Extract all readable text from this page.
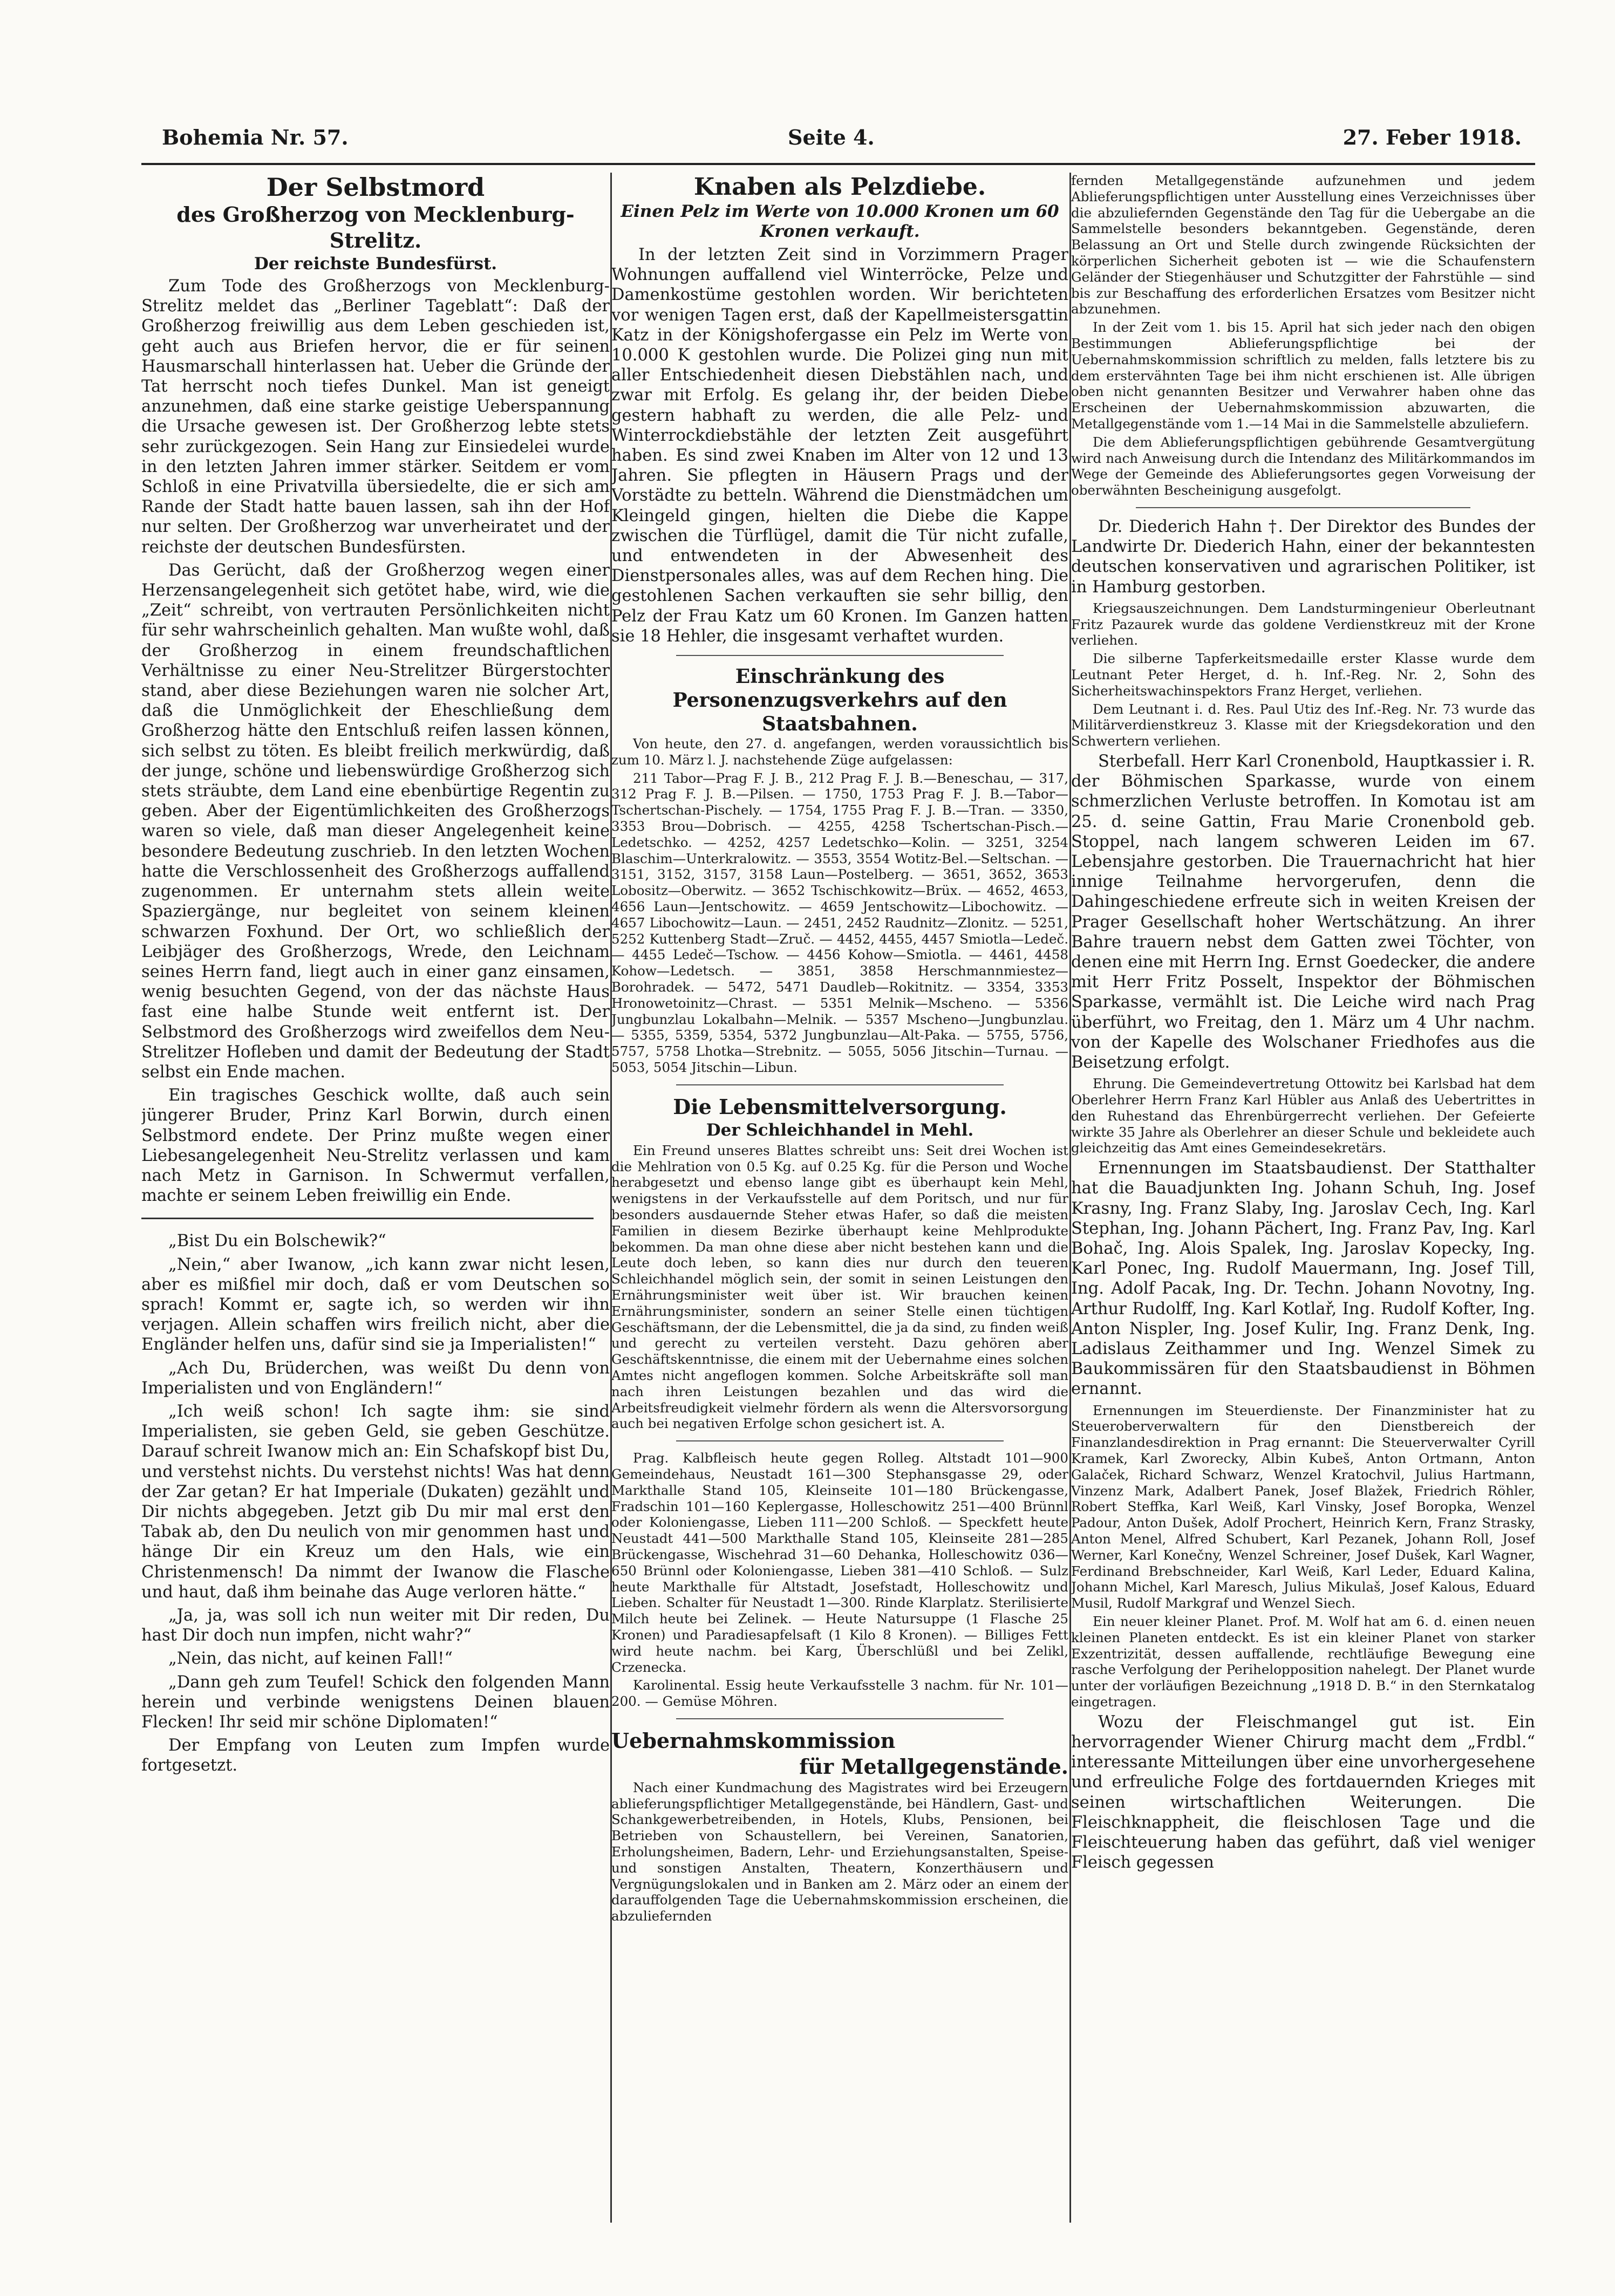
Bohemia Nr. 57.	Seite 4.	27. Feber 1918.
Der Selbstmord
des Großherzog von Mecklenburg-Strelitz.
Der reichste Bundesfürst.

Zum Tode des Großherzogs von Mecklenburg-Strelitz meldet das „Berliner Tageblatt“: Daß der Großherzog freiwillig aus dem Leben geschieden ist, geht auch aus Briefen hervor, die er für seinen Hausmarschall hinterlassen hat. Ueber die Gründe der Tat herrscht noch tiefes Dunkel. Man ist geneigt anzunehmen, daß eine starke geistige Ueberspannung die Ursache gewesen ist. Der Großherzog lebte stets sehr zurückgezogen. Sein Hang zur Einsiedelei wurde in den letzten Jahren immer stärker. Seitdem er vom Schloß in eine Privatvilla übersiedelte, die er sich am Rande der Stadt hatte bauen lassen, sah ihn der Hof nur selten. Der Großherzog war unverheiratet und der reichste der deutschen Bundesfürsten.

Das Gerücht, daß der Großherzog wegen einer Herzensangelegenheit sich getötet habe, wird, wie die „Zeit“ schreibt, von vertrauten Persönlichkeiten nicht für sehr wahrscheinlich gehalten. Man wußte wohl, daß der Großherzog in einem freundschaftlichen Verhältnisse zu einer Neu-Strelitzer Bürgerstochter stand, aber diese Beziehungen waren nie solcher Art, daß die Unmöglichkeit der Eheschließung dem Großherzog hätte den Entschluß reifen lassen können, sich selbst zu töten. Es bleibt freilich merkwürdig, daß der junge, schöne und liebenswürdige Großherzog sich stets sträubte, dem Land eine ebenbürtige Regentin zu geben. Aber der Eigentümlichkeiten des Großherzogs waren so viele, daß man dieser Angelegenheit keine besondere Bedeutung zuschrieb. In den letzten Wochen hatte die Verschlossenheit des Großherzogs auffallend zugenommen. Er unternahm stets allein weite Spaziergänge, nur begleitet von seinem kleinen schwarzen Foxhund. Der Ort, wo schließlich der Leibjäger des Großherzogs, Wrede, den Leichnam seines Herrn fand, liegt auch in einer ganz einsamen, wenig besuchten Gegend, von der das nächste Haus fast eine halbe Stunde weit entfernt ist. Der Selbstmord des Großherzogs wird zweifellos dem Neu-Strelitzer Hofleben und damit der Bedeutung der Stadt selbst ein Ende machen.

Ein tragisches Geschick wollte, daß auch sein jüngerer Bruder, Prinz Karl Borwin, durch einen Selbstmord endete. Der Prinz mußte wegen einer Liebesangelegenheit Neu-Strelitz verlassen und kam nach Metz in Garnison. In Schwermut verfallen, machte er seinem Leben freiwillig ein Ende.

„Bist Du ein Bolschewik?“

„Nein,“ aber Iwanow, „ich kann zwar nicht lesen, aber es mißfiel mir doch, daß er vom Deutschen so sprach! Kommt er, sagte ich, so werden wir ihn verjagen. Allein schaffen wirs freilich nicht, aber die Engländer helfen uns, dafür sind sie ja Imperialisten!“

„Ach Du, Brüderchen, was weißt Du denn von Imperialisten und von Engländern!“

„Ich weiß schon! Ich sagte ihm: sie sind Imperialisten, sie geben Geld, sie geben Geschütze. Darauf schreit Iwanow mich an: Ein Schafskopf bist Du, und verstehst nichts. Du verstehst nichts! Was hat denn der Zar getan? Er hat Imperiale (Dukaten) gezählt und Dir nichts abgegeben. Jetzt gib Du mir mal erst den Tabak ab, den Du neulich von mir genommen hast und hänge Dir ein Kreuz um den Hals, wie ein Christenmensch! Da nimmt der Iwanow die Flasche und haut, daß ihm beinahe das Auge verloren hätte.“

„Ja, ja, was soll ich nun weiter mit Dir reden, Du hast Dir doch nun impfen, nicht wahr?“

„Nein, das nicht, auf keinen Fall!“

„Dann geh zum Teufel! Schick den folgenden Mann herein und verbinde wenigstens Deinen blauen Flecken! Ihr seid mir schöne Diplomaten!“

Der Empfang von Leuten zum Impfen wurde fortgesetzt.

Knaben als Pelzdiebe.
Einen Pelz im Werte von 10.000 Kronen um 60 Kronen verkauft.

In der letzten Zeit sind in Vorzimmern Prager Wohnungen auffallend viel Winterröcke, Pelze und Damenkostüme gestohlen worden. Wir berichteten vor wenigen Tagen erst, daß der Kapellmeistersgattin Katz in der Königshofergasse ein Pelz im Werte von 10.000 K gestohlen wurde. Die Polizei ging nun mit aller Entschiedenheit diesen Diebstählen nach, und zwar mit Erfolg. Es gelang ihr, der beiden Diebe gestern habhaft zu werden, die alle Pelz- und Winterrockdiebstähle der letzten Zeit ausgeführt haben. Es sind zwei Knaben im Alter von 12 und 13 Jahren. Sie pflegten in Häusern Prags und der Vorstädte zu betteln. Während die Dienstmädchen um Kleingeld gingen, hielten die Diebe die Kappe zwischen die Türflügel, damit die Tür nicht zufalle, und entwendeten in der Abwesenheit des Dienstpersonales alles, was auf dem Rechen hing. Die gestohlenen Sachen verkauften sie sehr billig, den Pelz der Frau Katz um 60 Kronen. Im Ganzen hatten sie 18 Hehler, die insgesamt verhaftet wurden.

Einschränkung des Personenzugsverkehrs auf den Staatsbahnen.

Von heute, den 27. d. angefangen, werden voraussichtlich bis zum 10. März l. J. nachstehende Züge aufgelassen:

211 Tabor—Prag F. J. B., 212 Prag F. J. B.—Beneschau, — 317, 312 Prag F. J. B.—Pilsen. — 1750, 1753 Prag F. J. B.—Tabor—Tschertschan-Pischely. — 1754, 1755 Prag F. J. B.—Tran. — 3350, 3353 Brou—Dobrisch. — 4255, 4258 Tschertschan-Pisch.—Ledetschko. — 4252, 4257 Ledetschko—Kolin. — 3251, 3254 Blaschim—Unterkralowitz. — 3553, 3554 Wotitz-Bel.—Seltschan. — 3151, 3152, 3157, 3158 Laun—Postelberg. — 3651, 3652, 3653 Lobositz—Oberwitz. — 3652 Tschischkowitz—Brüx. — 4652, 4653, 4656 Laun—Jentschowitz. — 4659 Jentschowitz—Libochowitz. — 4657 Libochowitz—Laun. — 2451, 2452 Raudnitz—Zlonitz. — 5251, 5252 Kuttenberg Stadt—Zruč. — 4452, 4455, 4457 Smiotla—Ledeč. — 4455 Ledeč—Tschow. — 4456 Kohow—Smiotla. — 4461, 4458 Kohow—Ledetsch. — 3851, 3858 Herschmannmiestez—Borohradek. — 5472, 5471 Daudleb—Rokitnitz. — 3354, 3353 Hronowetoinitz—Chrast. — 5351 Melnik—Mscheno. — 5356 Jungbunzlau Lokalbahn—Melnik. — 5357 Mscheno—Jungbunzlau. — 5355, 5359, 5354, 5372 Jungbunzlau—Alt-Paka. — 5755, 5756, 5757, 5758 Lhotka—Strebnitz. — 5055, 5056 Jitschin—Turnau. — 5053, 5054 Jitschin—Libun.

Die Lebensmittelversorgung.
Der Schleichhandel in Mehl.

Ein Freund unseres Blattes schreibt uns: Seit drei Wochen ist die Mehlration von 0.5 Kg. auf 0.25 Kg. für die Person und Woche herabgesetzt und ebenso lange gibt es überhaupt kein Mehl, wenigstens in der Verkaufsstelle auf dem Poritsch, und nur für besonders ausdauernde Steher etwas Hafer, so daß die meisten Familien in diesem Bezirke überhaupt keine Mehlprodukte bekommen. Da man ohne diese aber nicht bestehen kann und die Leute doch leben, so kann dies nur durch den teueren Schleichhandel möglich sein, der somit in seinen Leistungen den Ernährungsminister weit über ist. Wir brauchen keinen Ernährungsminister, sondern an seiner Stelle einen tüchtigen Geschäftsmann, der die Lebensmittel, die ja da sind, zu finden weiß und gerecht zu verteilen versteht. Dazu gehören aber Geschäftskenntnisse, die einem mit der Uebernahme eines solchen Amtes nicht angeflogen kommen. Solche Arbeitskräfte soll man nach ihren Leistungen bezahlen und das wird die Arbeitsfreudigkeit vielmehr fördern als wenn die Altersvorsorgung auch bei negativen Erfolge schon gesichert ist. A.

Prag. Kalbfleisch heute gegen Rolleg. Altstadt 101—900 Gemeindehaus, Neustadt 161—300 Stephansgasse 29, oder Markthalle Stand 105, Kleinseite 101—180 Brückengasse, Fradschin 101—160 Keplergasse, Holleschowitz 251—400 Brünnl oder Koloniengasse, Lieben 111—200 Schloß. — Speckfett heute Neustadt 441—500 Markthalle Stand 105, Kleinseite 281—285 Brückengasse, Wischehrad 31—60 Dehanka, Holleschowitz 036—650 Brünnl oder Koloniengasse, Lieben 381—410 Schloß. — Sulz heute Markthalle für Altstadt, Josefstadt, Holleschowitz und Lieben. Schalter für Neustadt 1—300. Rinde Klarplatz. Sterilisierte Milch heute bei Zelinek. — Heute Natursuppe (1 Flasche 25 Kronen) und Paradiesapfelsaft (1 Kilo 8 Kronen). — Billiges Fett wird heute nachm. bei Karg, Überschlüßl und bei Zelikl, Crzenecka.

Karolinental. Essig heute Verkaufsstelle 3 nachm. für Nr. 101—200. — Gemüse Möhren.

Uebernahmskommission
für Metallgegenstände.

Nach einer Kundmachung des Magistrates wird bei Erzeugern ablieferungspflichtiger Metallgegenstände, bei Händlern, Gast- und Schankgewerbetreibenden, in Hotels, Klubs, Pensionen, bei Betrieben von Schaustellern, bei Vereinen, Sanatorien, Erholungsheimen, Badern, Lehr- und Erziehungsanstalten, Speise- und sonstigen Anstalten, Theatern, Konzerthäusern und Vergnügungslokalen und in Banken am 2. März oder an einem der darauffolgenden Tage die Uebernahmskommission erscheinen, die abzuliefernden

fernden Metallgegenstände aufzunehmen und jedem Ablieferungspflichtigen unter Ausstellung eines Verzeichnisses über die abzuliefernden Gegenstände den Tag für die Uebergabe an die Sammelstelle besonders bekanntgeben. Gegenstände, deren Belassung an Ort und Stelle durch zwingende Rücksichten der körperlichen Sicherheit geboten ist — wie die Schaufenstern Geländer der Stiegenhäuser und Schutzgitter der Fahrstühle — sind bis zur Beschaffung des erforderlichen Ersatzes vom Besitzer nicht abzunehmen.

In der Zeit vom 1. bis 15. April hat sich jeder nach den obigen Bestimmungen Ablieferungspflichtige bei der Uebernahmskommission schriftlich zu melden, falls letztere bis zu dem erstervähnten Tage bei ihm nicht erschienen ist. Alle übrigen oben nicht genannten Besitzer und Verwahrer haben ohne das Erscheinen der Uebernahmskommission abzuwarten, die Metallgegenstände vom 1.—14 Mai in die Sammelstelle abzuliefern.

Die dem Ablieferungspflichtigen gebührende Gesamtvergütung wird nach Anweisung durch die Intendanz des Militärkommandos im Wege der Gemeinde des Ablieferungsortes gegen Vorweisung der oberwähnten Bescheinigung ausgefolgt.

Dr. Diederich Hahn †. Der Direktor des Bundes der Landwirte Dr. Diederich Hahn, einer der bekanntesten deutschen konservativen und agrarischen Politiker, ist in Hamburg gestorben.

Kriegsauszeichnungen. Dem Landsturmingenieur Oberleutnant Fritz Pazaurek wurde das goldene Verdienstkreuz mit der Krone verliehen.

Die silberne Tapferkeitsmedaille erster Klasse wurde dem Leutnant Peter Herget, d. h. Inf.-Reg. Nr. 2, Sohn des Sicherheitswachinspektors Franz Herget, verliehen.

Dem Leutnant i. d. Res. Paul Utiz des Inf.-Reg. Nr. 73 wurde das Militärverdienstkreuz 3. Klasse mit der Kriegsdekoration und den Schwertern verliehen.

Sterbefall. Herr Karl Cronenbold, Hauptkassier i. R. der Böhmischen Sparkasse, wurde von einem schmerzlichen Verluste betroffen. In Komotau ist am 25. d. seine Gattin, Frau Marie Cronenbold geb. Stoppel, nach langem schweren Leiden im 67. Lebensjahre gestorben. Die Trauernachricht hat hier innige Teilnahme hervorgerufen, denn die Dahingeschiedene erfreute sich in weiten Kreisen der Prager Gesellschaft hoher Wertschätzung. An ihrer Bahre trauern nebst dem Gatten zwei Töchter, von denen eine mit Herrn Ing. Ernst Goedecker, die andere mit Herr Fritz Posselt, Inspektor der Böhmischen Sparkasse, vermählt ist. Die Leiche wird nach Prag überführt, wo Freitag, den 1. März um 4 Uhr nachm. von der Kapelle des Wolschaner Friedhofes aus die Beisetzung erfolgt.

Ehrung. Die Gemeindevertretung Ottowitz bei Karlsbad hat dem Oberlehrer Herrn Franz Karl Hübler aus Anlaß des Uebertrittes in den Ruhestand das Ehrenbürgerrecht verliehen. Der Gefeierte wirkte 35 Jahre als Oberlehrer an dieser Schule und bekleidete auch gleichzeitig das Amt eines Gemeindesekretärs.

Ernennungen im Staatsbaudienst. Der Statthalter hat die Bauadjunkten Ing. Johann Schuh, Ing. Josef Krasny, Ing. Franz Slaby, Ing. Jaroslav Cech, Ing. Karl Stephan, Ing. Johann Pächert, Ing. Franz Pav, Ing. Karl Bohač, Ing. Alois Spalek, Ing. Jaroslav Kopecky, Ing. Karl Ponec, Ing. Rudolf Mauermann, Ing. Josef Till, Ing. Adolf Pacak, Ing. Dr. Techn. Johann Novotny, Ing. Arthur Rudolff, Ing. Karl Kotlař, Ing. Rudolf Kofter, Ing. Anton Nispler, Ing. Josef Kulir, Ing. Franz Denk, Ing. Ladislaus Zeithammer und Ing. Wenzel Simek zu Baukommissären für den Staatsbaudienst in Böhmen ernannt.

Ernennungen im Steuerdienste. Der Finanzminister hat zu Steueroberverwaltern für den Dienstbereich der Finanzlandesdirektion in Prag ernannt: Die Steuerverwalter Cyrill Kramek, Karl Zworecky, Albin Kubeš, Anton Ortmann, Anton Galaček, Richard Schwarz, Wenzel Kratochvil, Julius Hartmann, Vinzenz Mark, Adalbert Panek, Josef Blažek, Friedrich Röhler, Robert Steffka, Karl Weiß, Karl Vinsky, Josef Boropka, Wenzel Padour, Anton Dušek, Adolf Prochert, Heinrich Kern, Franz Strasky, Anton Menel, Alfred Schubert, Karl Pezanek, Johann Roll, Josef Werner, Karl Konečny, Wenzel Schreiner, Josef Dušek, Karl Wagner, Ferdinand Brebschneider, Karl Weiß, Karl Leder, Eduard Kalina, Johann Michel, Karl Maresch, Julius Mikulaš, Josef Kalous, Eduard Musil, Rudolf Markgraf und Wenzel Siech.

Ein neuer kleiner Planet. Prof. M. Wolf hat am 6. d. einen neuen kleinen Planeten entdeckt. Es ist ein kleiner Planet von starker Exzentrizität, dessen auffallende, rechtläufige Bewegung eine rasche Verfolgung der Perihelopposition nahelegt. Der Planet wurde unter der vorläufigen Bezeichnung „1918 D. B.“ in den Sternkatalog eingetragen.

Wozu der Fleischmangel gut ist. Ein hervorragender Wiener Chirurg macht dem „Frdbl.“ interessante Mitteilungen über eine unvorhergesehene und erfreuliche Folge des fortdauernden Krieges mit seinen wirtschaftlichen Weiterungen. Die Fleischknappheit, die fleischlosen Tage und die Fleischteuerung haben das geführt, daß viel weniger Fleisch gegessen
